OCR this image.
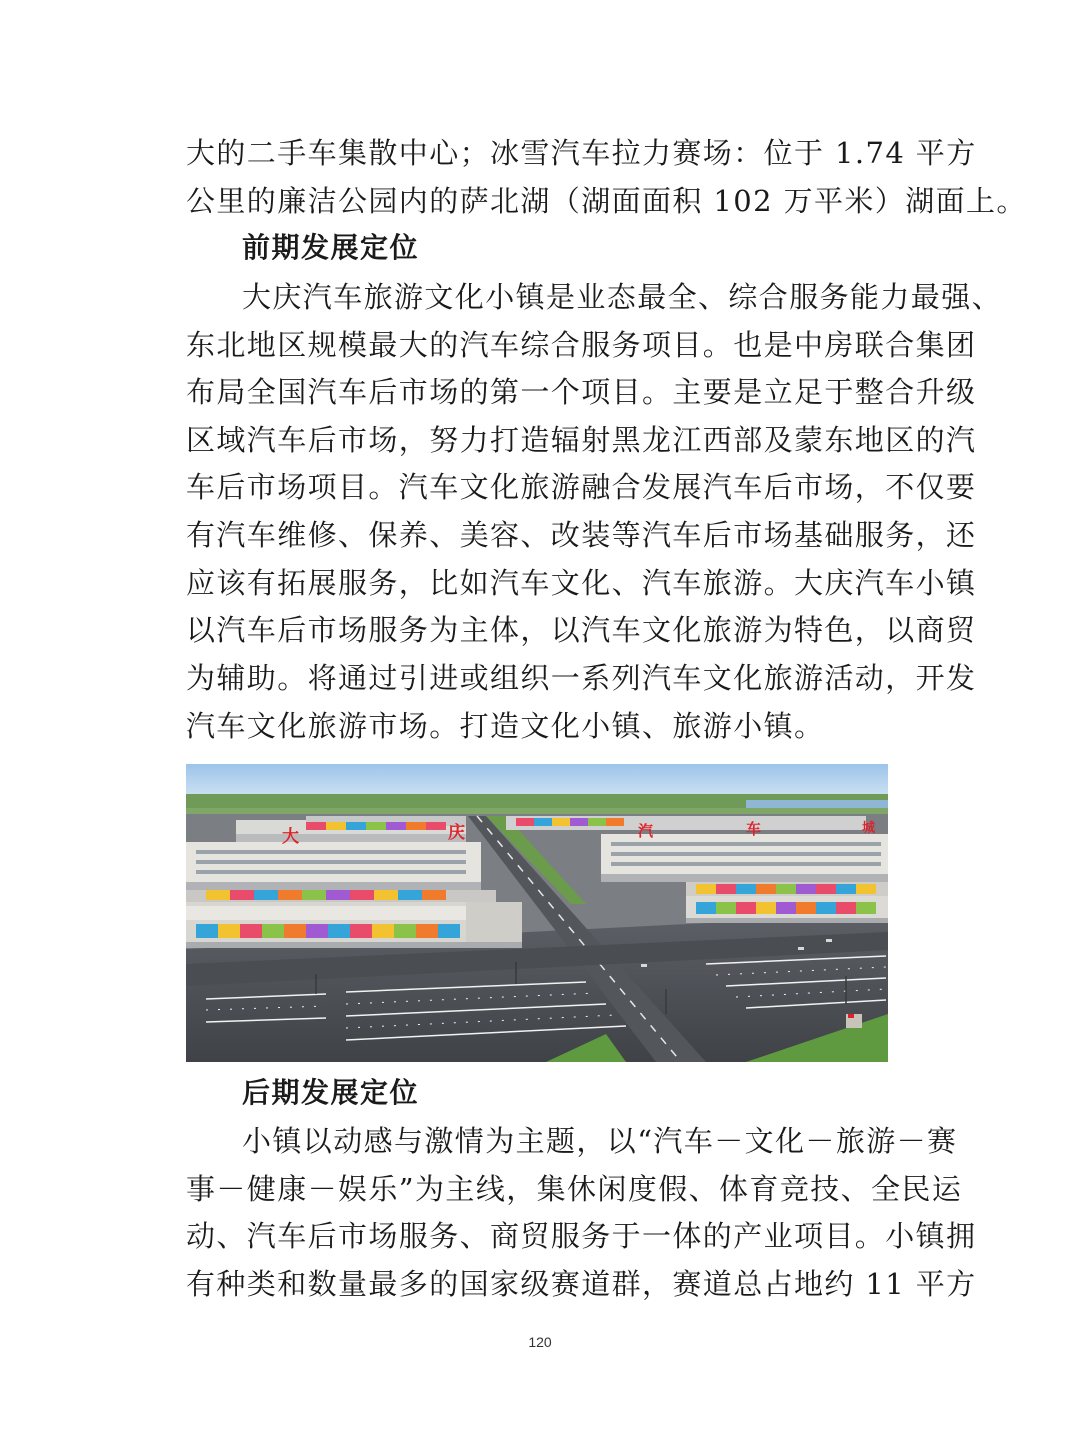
大的二手车集散中心；冰雪汽车拉力赛场：位于 1.74 平方
公里的廉洁公园内的萨北湖（湖面面积 102 万平米）湖面上。
前期发展定位
大庆汽车旅游文化小镇是业态最全、综合服务能力最强、
东北地区规模最大的汽车综合服务项目。也是中房联合集团
布局全国汽车后市场的第一个项目。主要是立足于整合升级
区域汽车后市场，努力打造辐射黑龙江西部及蒙东地区的汽
车后市场项目。汽车文化旅游融合发展汽车后市场，不仅要
有汽车维修、保养、美容、改装等汽车后市场基础服务，还
应该有拓展服务，比如汽车文化、汽车旅游。大庆汽车小镇
以汽车后市场服务为主体，以汽车文化旅游为特色，以商贸
为辅助。将通过引进或组织一系列汽车文化旅游活动，开发
汽车文化旅游市场。打造文化小镇、旅游小镇。
大	庆	汽	车	城
后期发展定位
小镇以动感与激情为主题，以“汽车－文化－旅游－赛
事－健康－娱乐”为主线，集休闲度假、体育竞技、全民运
动、汽车后市场服务、商贸服务于一体的产业项目。小镇拥
有种类和数量最多的国家级赛道群，赛道总占地约 11 平方
120
